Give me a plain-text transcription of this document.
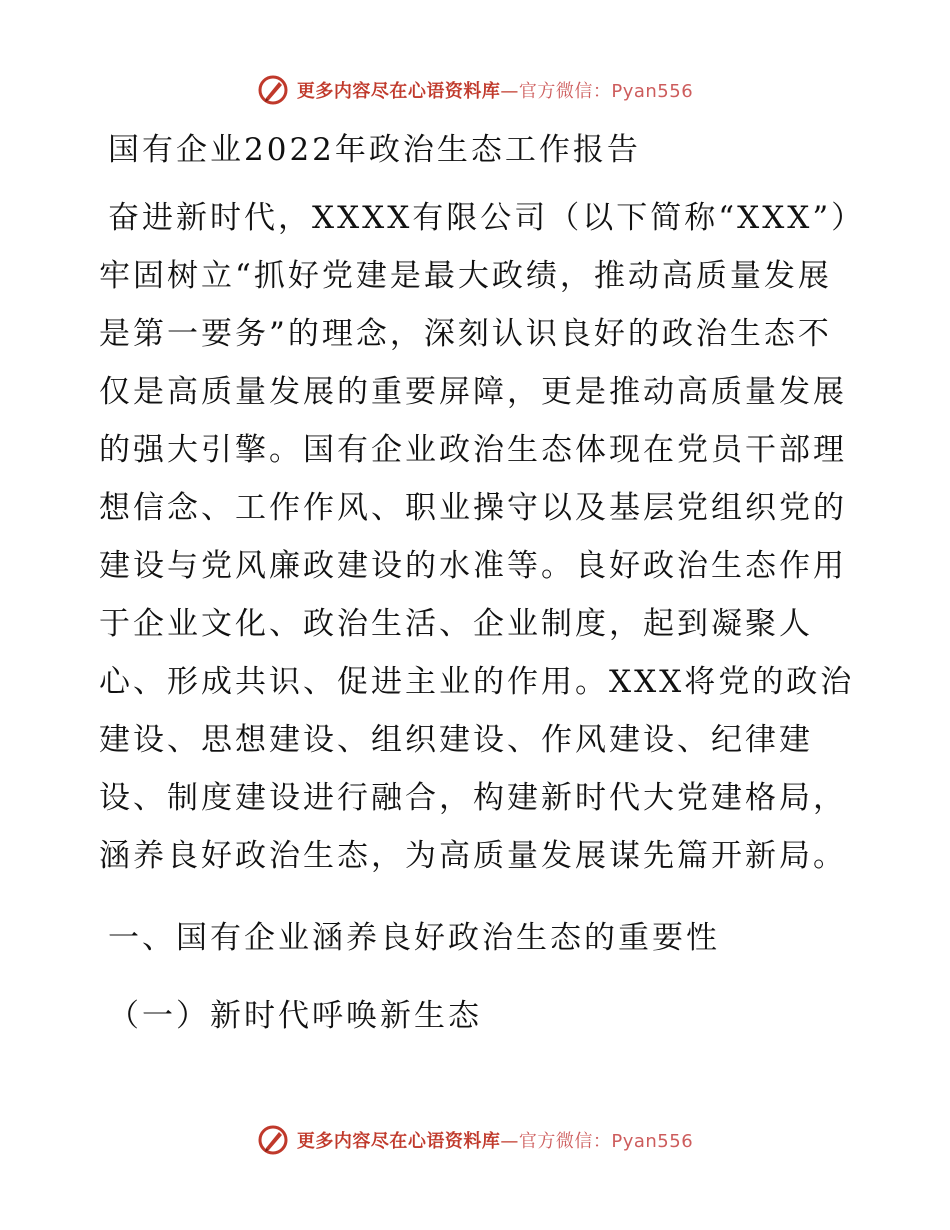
更多内容尽在心语资料库—官方微信：Pyan556
国有企业2022年政治生态工作报告
奋进新时代，XXXX有限公司（以下简称“XXX”）
牢固树立“抓好党建是最大政绩，推动高质量发展
是第一要务”的理念，深刻认识良好的政治生态不
仅是高质量发展的重要屏障，更是推动高质量发展
的强大引擎。国有企业政治生态体现在党员干部理
想信念、工作作风、职业操守以及基层党组织党的
建设与党风廉政建设的水准等。良好政治生态作用
于企业文化、政治生活、企业制度，起到凝聚人
心、形成共识、促进主业的作用。XXX将党的政治
建设、思想建设、组织建设、作风建设、纪律建
设、制度建设进行融合，构建新时代大党建格局，
涵养良好政治生态，为高质量发展谋先篇开新局。
一、国有企业涵养良好政治生态的重要性
（一）新时代呼唤新生态
更多内容尽在心语资料库—官方微信：Pyan556
